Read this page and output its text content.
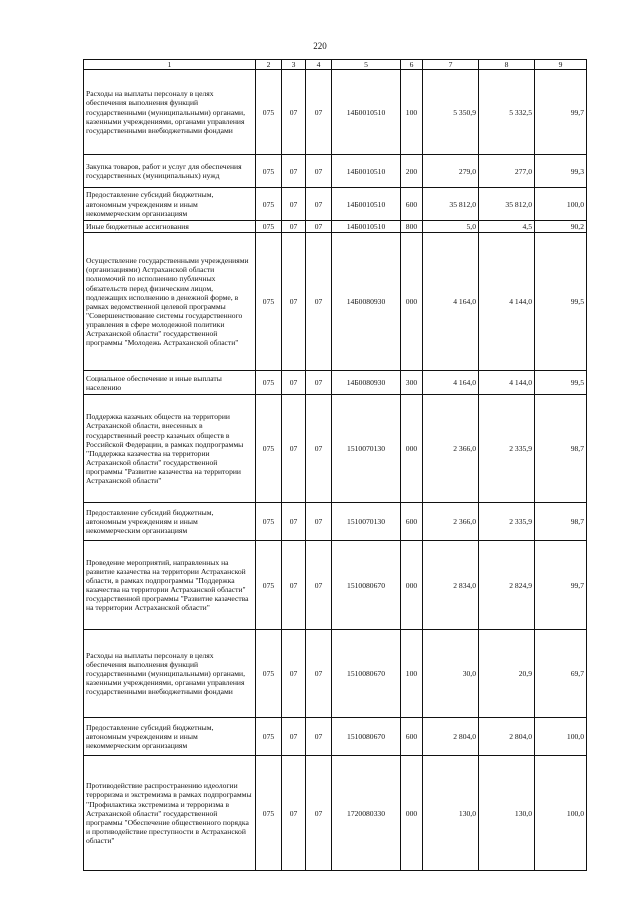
220
1	2	3	4	5	6	7	8	9
Расходы на выплаты персоналу в целях обеспечения выполнения функций государственными (муниципальными) органами, казенными учреждениями, органами управления государственными внебюджетными фондами	075	07	07	14Б0010510	100	5 350,9	5 332,5	99,7
Закупка товаров, работ и услуг для обеспечения государственных (муниципальных) нужд	075	07	07	14Б0010510	200	279,0	277,0	99,3
Предоставление субсидий бюджетным, автономным учреждениям и иным некоммерческим организациям	075	07	07	14Б0010510	600	35 812,0	35 812,0	100,0
Иные бюджетные ассигнования	075	07	07	14Б0010510	800	5,0	4,5	90,2
Осуществление государственными учреждениями (организациями) Астраханской области полномочий по исполнению публичных обязательств перед физическим лицом, подлежащих исполнению в денежной форме, в рамках ведомственной целевой программы "Совершенствование системы государственного управления в сфере молодежной политики Астраханской области" государственной программы "Молодежь Астраханской области"	075	07	07	14Б0080930	000	4 164,0	4 144,0	99,5
Социальное обеспечение и иные выплаты населению	075	07	07	14Б0080930	300	4 164,0	4 144,0	99,5
Поддержка казачьих обществ на территории Астраханской области, внесенных в государственный реестр казачьих обществ в Российской Федерации, в рамках подпрограммы "Поддержка казачества на территории Астраханской области" государственной программы "Развитие казачества на территории Астраханской области"	075	07	07	1510070130	000	2 366,0	2 335,9	98,7
Предоставление субсидий бюджетным, автономным учреждениям и иным некоммерческим организациям	075	07	07	1510070130	600	2 366,0	2 335,9	98,7
Проведение мероприятий, направленных на развитие казачества на территории Астраханской области, в рамках подпрограммы "Поддержка казачества на территории Астраханской области" государственной программы "Развитие казачества на территории Астраханской области"	075	07	07	1510080670	000	2 834,0	2 824,9	99,7
Расходы на выплаты персоналу в целях обеспечения выполнения функций государственными (муниципальными) органами, казенными учреждениями, органами управления государственными внебюджетными фондами	075	07	07	1510080670	100	30,0	20,9	69,7
Предоставление субсидий бюджетным, автономным учреждениям и иным некоммерческим организациям	075	07	07	1510080670	600	2 804,0	2 804,0	100,0
Противодействие распространению идеологии терроризма и экстремизма в рамках подпрограммы "Профилактика экстремизма и терроризма в Астраханской области" государственной программы "Обеспечение общественного порядка и противодействие преступности в Астраханской области"	075	07	07	1720080330	000	130,0	130,0	100,0
